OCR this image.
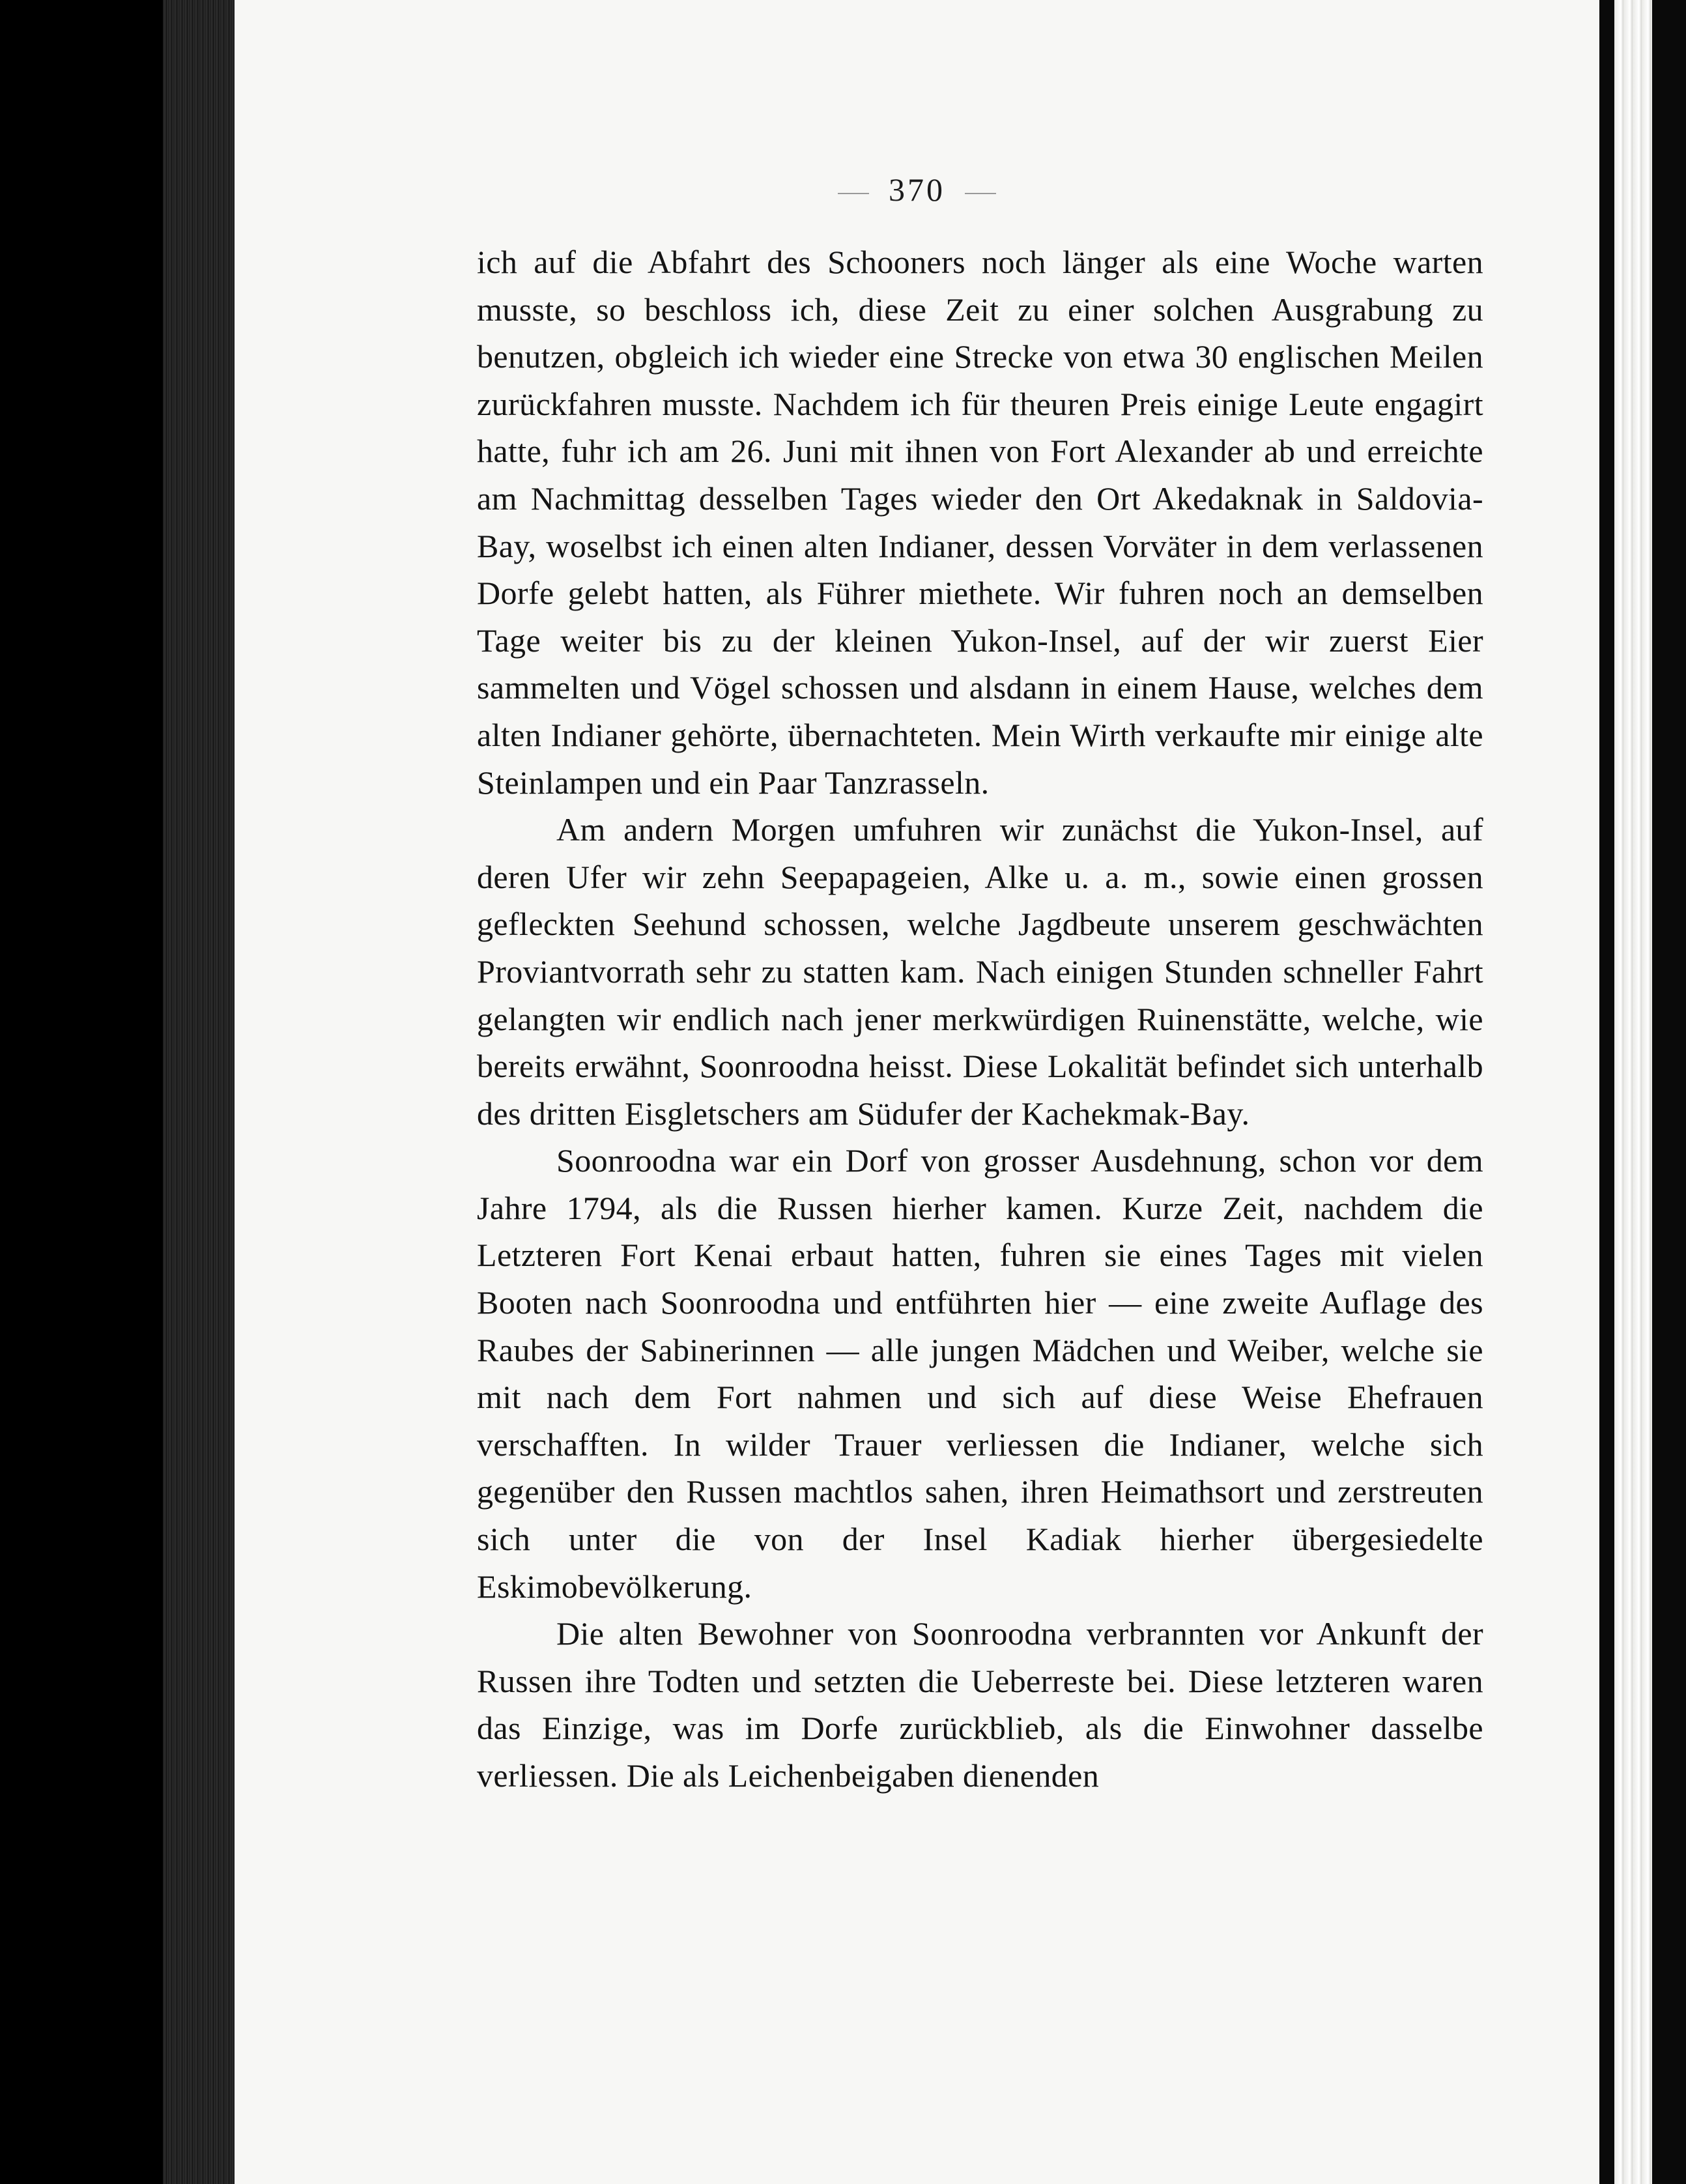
370

ich auf die Abfahrt des Schooners noch länger als eine Woche warten musste, so beschloss ich, diese Zeit zu einer solchen Ausgrabung zu benutzen, obgleich ich wieder eine Strecke von etwa 30 englischen Meilen zurückfahren musste. Nachdem ich für theuren Preis einige Leute engagirt hatte, fuhr ich am 26. Juni mit ihnen von Fort Alexander ab und erreichte am Nachmittag desselben Tages wieder den Ort Akedaknak in Saldovia-Bay, woselbst ich einen alten Indianer, dessen Vorväter in dem verlassenen Dorfe gelebt hatten, als Führer miethete. Wir fuhren noch an demselben Tage weiter bis zu der kleinen Yukon-Insel, auf der wir zuerst Eier sammelten und Vögel schossen und alsdann in einem Hause, welches dem alten Indianer gehörte, übernachteten. Mein Wirth verkaufte mir einige alte Steinlampen und ein Paar Tanzrasseln.

Am andern Morgen umfuhren wir zunächst die Yukon-Insel, auf deren Ufer wir zehn Seepapageien, Alke u. a. m., sowie einen grossen gefleckten Seehund schossen, welche Jagdbeute unserem geschwächten Proviantvorrath sehr zu statten kam. Nach einigen Stunden schneller Fahrt gelangten wir endlich nach jener merkwürdigen Ruinenstätte, welche, wie bereits erwähnt, Soonroodna heisst. Diese Lokalität befindet sich unterhalb des dritten Eisgletschers am Südufer der Kachekmak-Bay.

Soonroodna war ein Dorf von grosser Ausdehnung, schon vor dem Jahre 1794, als die Russen hierher kamen. Kurze Zeit, nachdem die Letzteren Fort Kenai erbaut hatten, fuhren sie eines Tages mit vielen Booten nach Soonroodna und entführten hier — eine zweite Auflage des Raubes der Sabinerinnen — alle jungen Mädchen und Weiber, welche sie mit nach dem Fort nahmen und sich auf diese Weise Ehefrauen verschafften. In wilder Trauer verliessen die Indianer, welche sich gegenüber den Russen machtlos sahen, ihren Heimathsort und zerstreuten sich unter die von der Insel Kadiak hierher übergesiedelte Eskimobevölkerung.

Die alten Bewohner von Soonroodna verbrannten vor Ankunft der Russen ihre Todten und setzten die Ueberreste bei. Diese letzteren waren das Einzige, was im Dorfe zurückblieb, als die Einwohner dasselbe verliessen. Die als Leichenbeigaben dienenden
